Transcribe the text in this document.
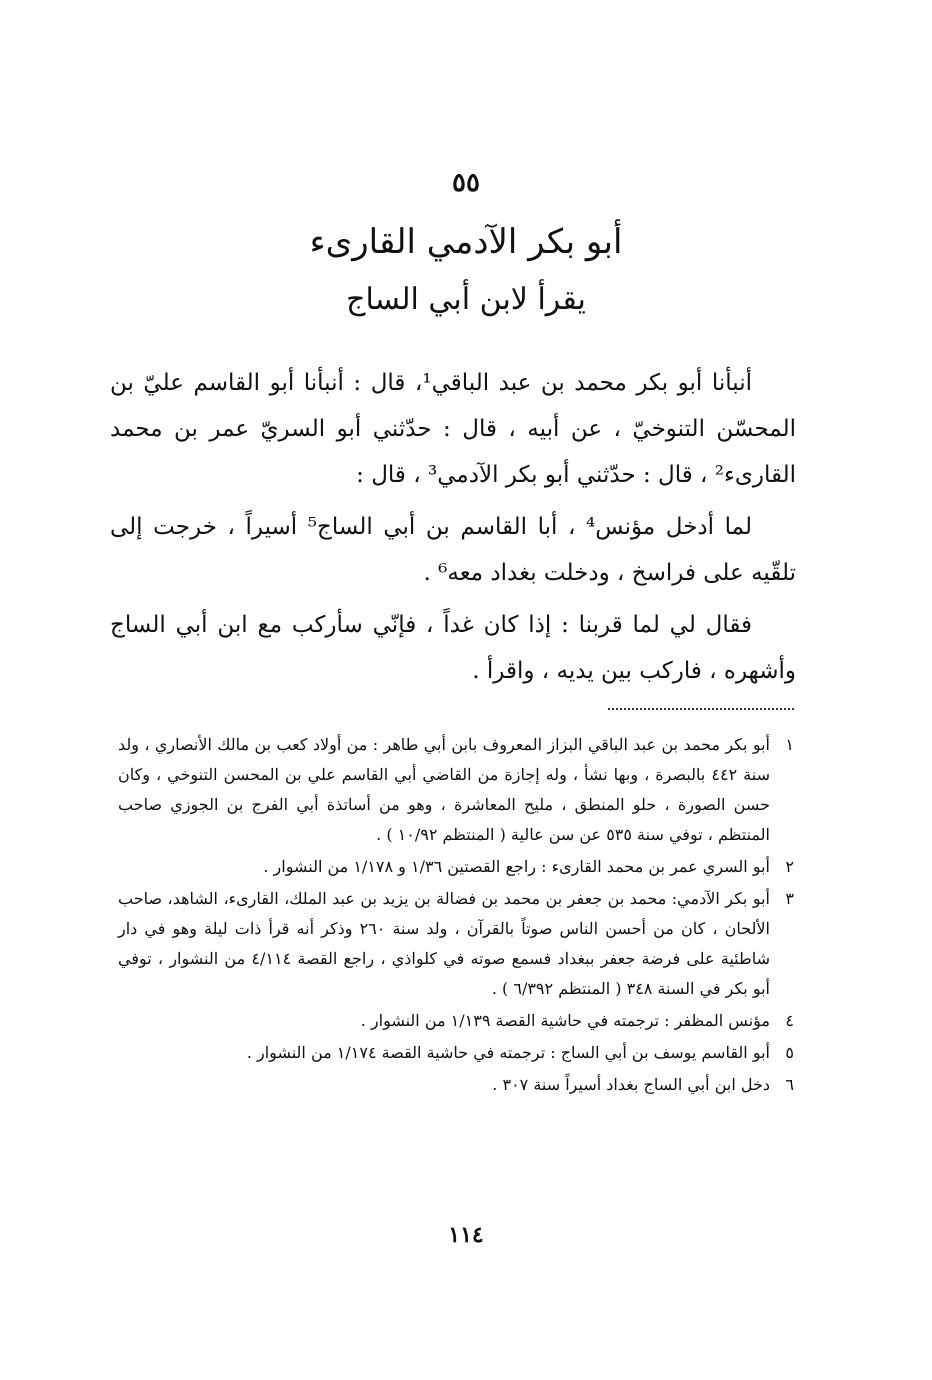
٥٥
أبو بكر الآدمي القارىء
يقرأ لابن أبي الساج

أنبأنا أبو بكر محمد بن عبد الباقي¹، قال : أنبأنا أبو القاسم عليّ بن المحسّن التنوخيّ ، عن أبيه ، قال : حدّثني أبو السريّ عمر بن محمد القارىء² ، قال : حدّثني أبو بكر الآدمي³ ، قال :

لما أدخل مؤنس⁴ ، أبا القاسم بن أبي الساج⁵ أسيراً ، خرجت إلى تلقّيه على فراسخ ، ودخلت بغداد معه⁶ .

فقال لي لما قربنا : إذا كان غداً ، فإنّي سأركب مع ابن أبي الساج وأشهره ، فاركب بين يديه ، واقرأ .

١
أبو بكر محمد بن عبد الباقي البزاز المعروف بابن أبي طاهر : من أولاد كعب بن مالك الأنصاري ، ولد سنة ٤٤٢ بالبصرة ، وبها نشأ ، وله إجازة من القاضي أبي القاسم علي بن المحسن التنوخي ، وكان حسن الصورة ، حلو المنطق ، مليح المعاشرة ، وهو من أساتذة أبي الفرج بن الجوزي صاحب المنتظم ، توفي سنة ٥٣٥ عن سن عالية ( المنتظم ١٠/٩٢ ) .
٢
أبو السري عمر بن محمد القارىء : راجع القصتين ١/٣٦ و ١/١٧٨ من النشوار .
٣
أبو بكر الآدمي: محمد بن جعفر بن محمد بن فضالة بن يزيد بن عبد الملك، القارىء، الشاهد، صاحب الألحان ، كان من أحسن الناس صوتاً بالقرآن ، ولد سنة ٢٦٠ وذكر أنه قرأ ذات ليلة وهو في دار شاطئية على فرضة جعفر ببغداد فسمع صوته في كلواذي ، راجع القصة ٤/١١٤ من النشوار ، توفي أبو بكر في السنة ٣٤٨ ( المنتظم ٦/٣٩٢ ) .
٤
مؤنس المظفر : ترجمته في حاشية القصة ١/١٣٩ من النشوار .
٥
أبو القاسم يوسف بن أبي الساج : ترجمته في حاشية القصة ١/١٧٤ من النشوار .
٦
دخل ابن أبي الساج بغداد أسيراً سنة ٣٠٧ .
١١٤
